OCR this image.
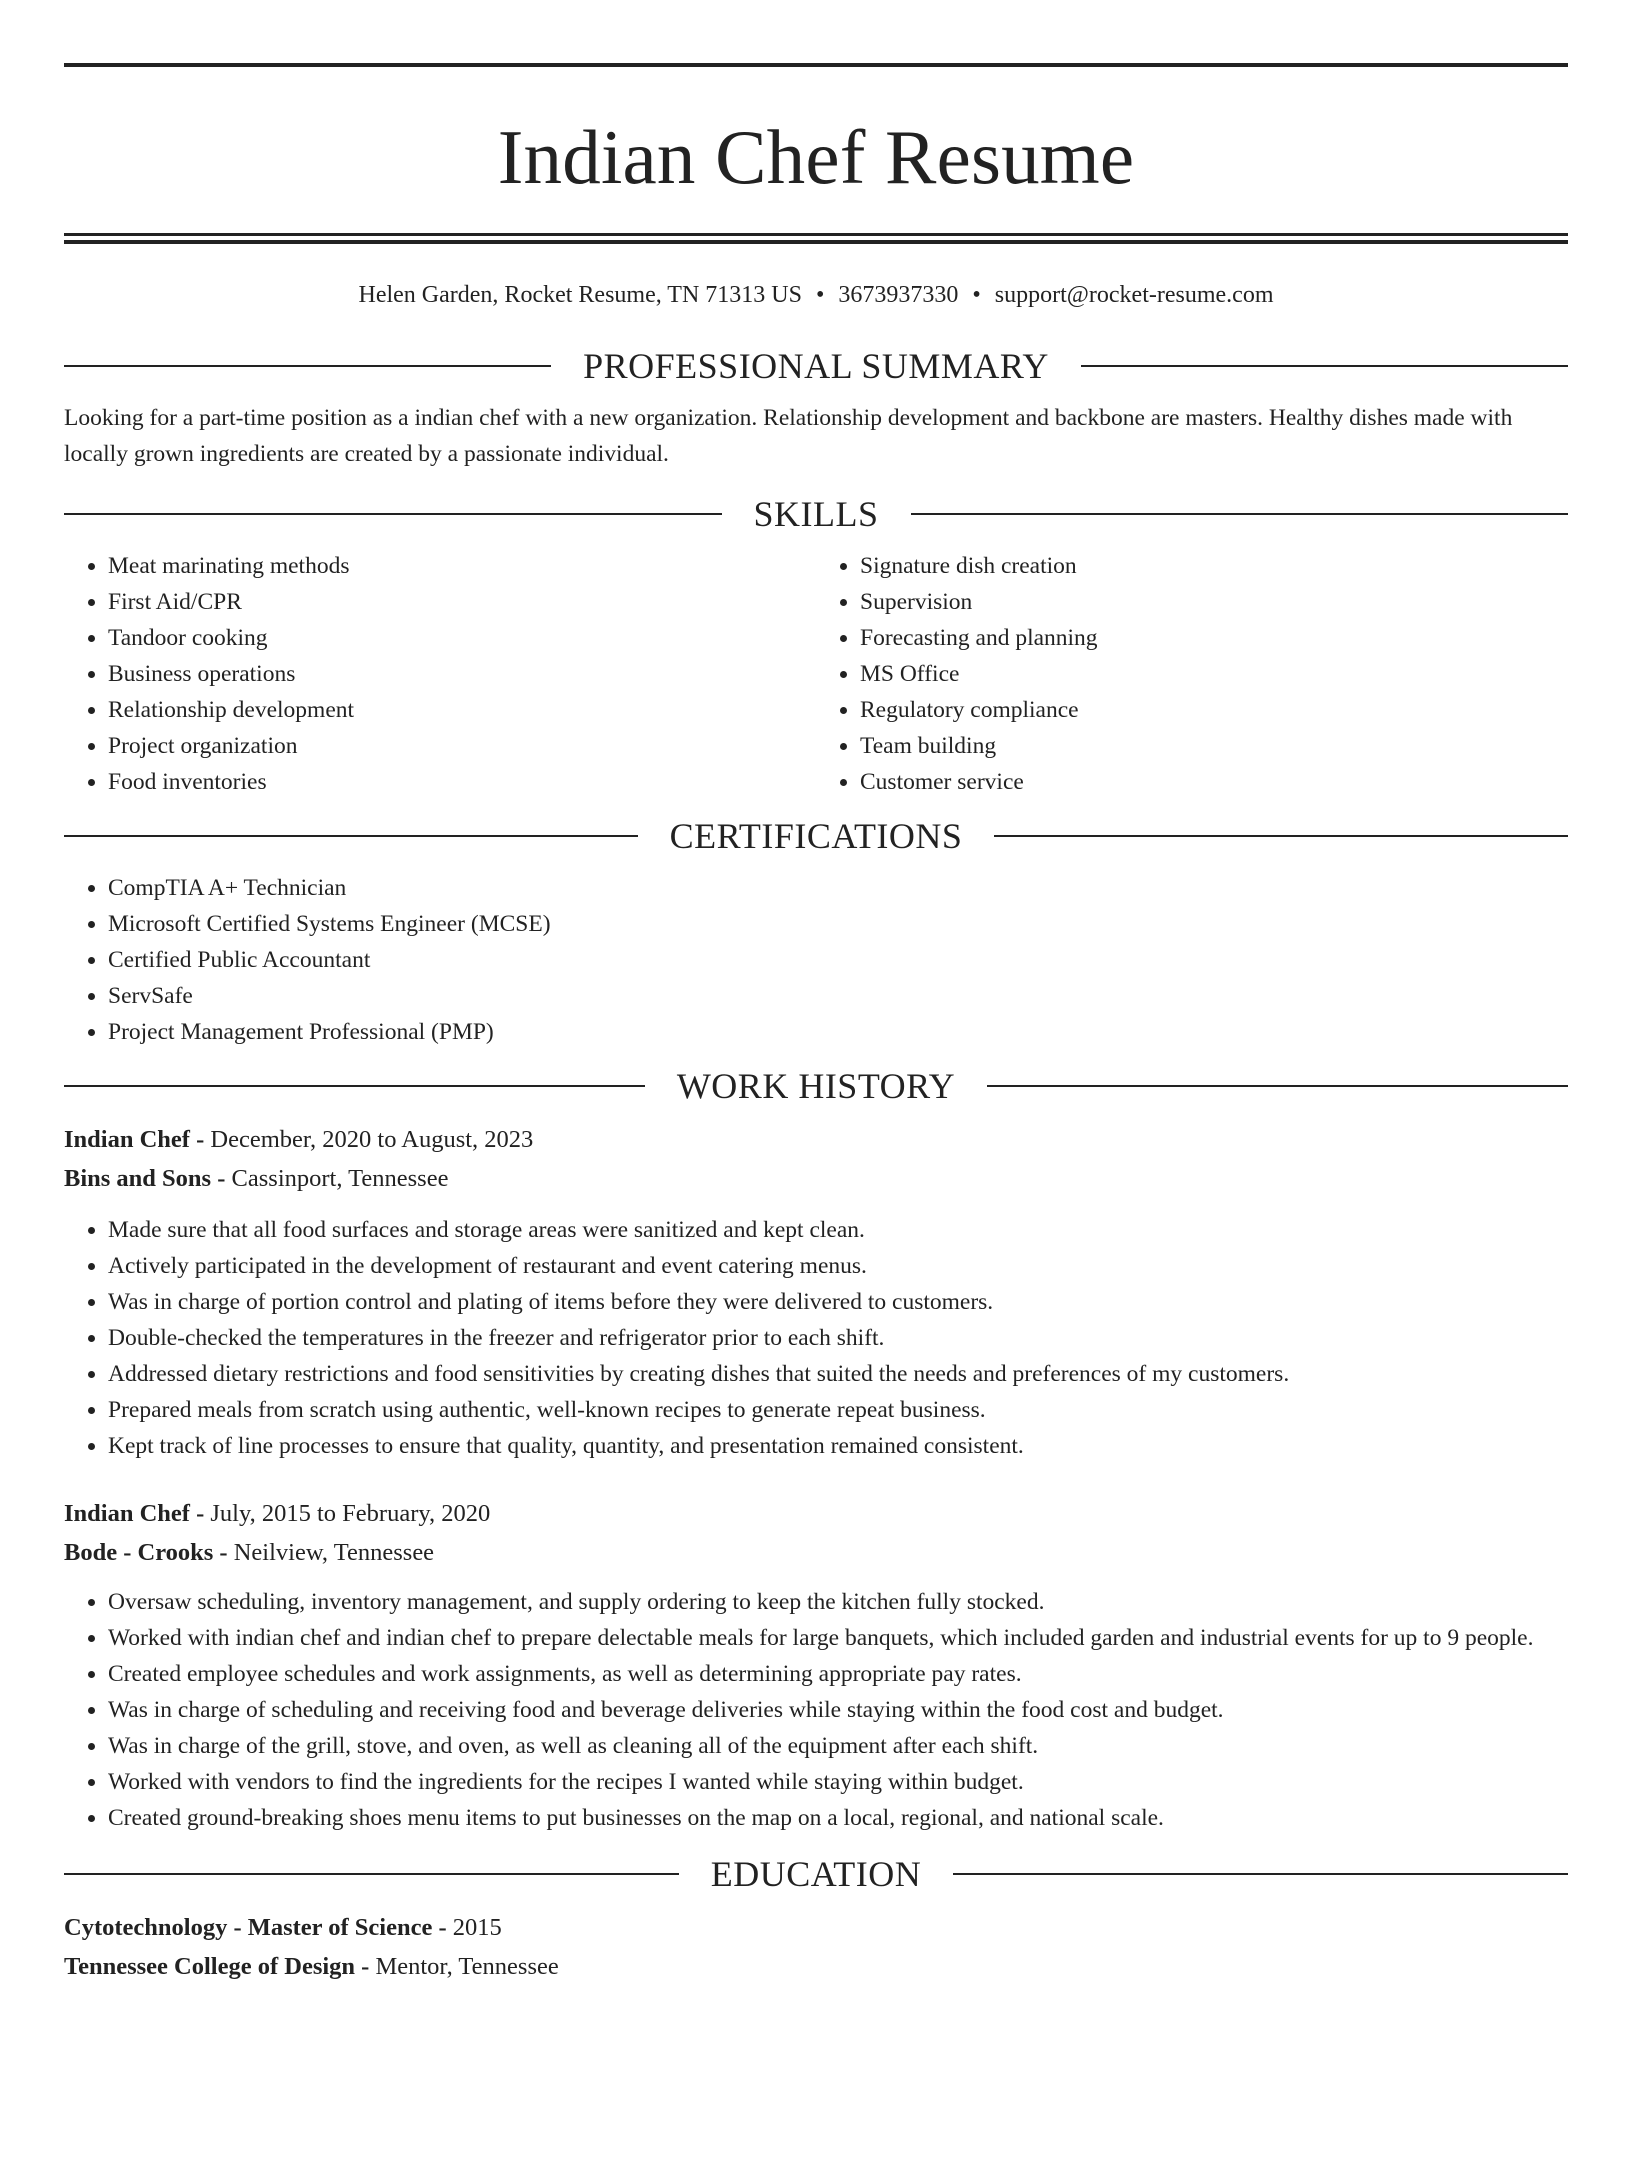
Indian Chef Resume
Helen Garden, Rocket Resume, TN 71313 US • 3673937330 • support@rocket-resume.com
PROFESSIONAL SUMMARY

Looking for a part-time position as a indian chef with a new organization. Relationship development and backbone are masters. Healthy dishes made with locally grown ingredients are created by a passionate individual.

SKILLS
• Meat marinating methods
• First Aid/CPR
• Tandoor cooking
• Business operations
• Relationship development
• Project organization
• Food inventories
• Signature dish creation
• Supervision
• Forecasting and planning
• MS Office
• Regulatory compliance
• Team building
• Customer service
CERTIFICATIONS
• CompTIA A+ Technician
• Microsoft Certified Systems Engineer (MCSE)
• Certified Public Accountant
• ServSafe
• Project Management Professional (PMP)
WORK HISTORY
Indian Chef - December, 2020 to August, 2023
Bins and Sons - Cassinport, Tennessee
• Made sure that all food surfaces and storage areas were sanitized and kept clean.
• Actively participated in the development of restaurant and event catering menus.
• Was in charge of portion control and plating of items before they were delivered to customers.
• Double-checked the temperatures in the freezer and refrigerator prior to each shift.
• Addressed dietary restrictions and food sensitivities by creating dishes that suited the needs and preferences of my customers.
• Prepared meals from scratch using authentic, well-known recipes to generate repeat business.
• Kept track of line processes to ensure that quality, quantity, and presentation remained consistent.
Indian Chef - July, 2015 to February, 2020
Bode - Crooks - Neilview, Tennessee
• Oversaw scheduling, inventory management, and supply ordering to keep the kitchen fully stocked.
• Worked with indian chef and indian chef to prepare delectable meals for large banquets, which included garden and industrial events for up to 9 people.
• Created employee schedules and work assignments, as well as determining appropriate pay rates.
• Was in charge of scheduling and receiving food and beverage deliveries while staying within the food cost and budget.
• Was in charge of the grill, stove, and oven, as well as cleaning all of the equipment after each shift.
• Worked with vendors to find the ingredients for the recipes I wanted while staying within budget.
• Created ground-breaking shoes menu items to put businesses on the map on a local, regional, and national scale.
EDUCATION
Cytotechnology - Master of Science - 2015
Tennessee College of Design - Mentor, Tennessee
